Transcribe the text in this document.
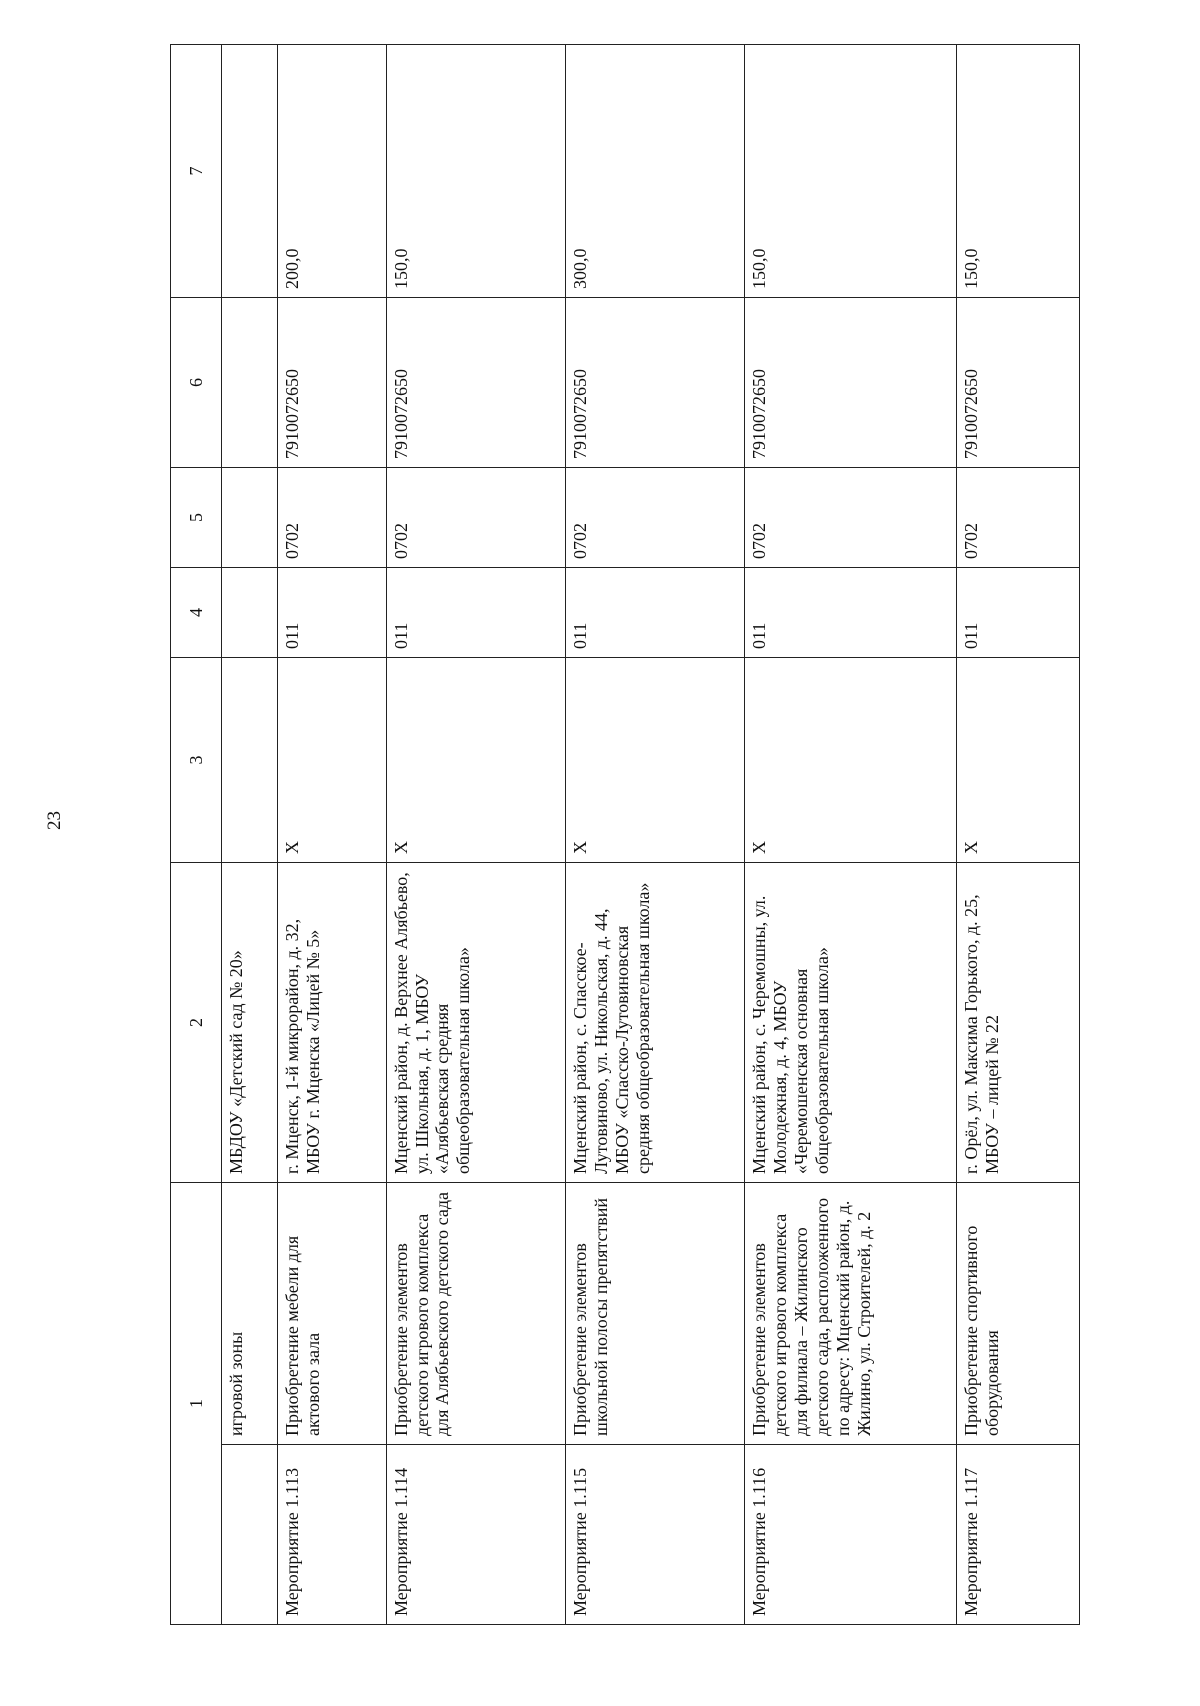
23
1		2	3	4	5	6	7
	игровой зоны	МБДОУ «Детский сад № 20»					
Мероприятие 1.113	Приобретение мебели для актового зала	г. Мценск, 1-й микрорайон, д. 32, МБОУ г. Мценска «Лицей № 5»	X	011	0702	7910072650	200,0
Мероприятие 1.114	Приобретение элементов детского игрового комплекса для Алябьевского детского сада	Мценский район, д. Верхнее Алябьево, ул. Школьная, д. 1, МБОУ «Алябьевская средняя общеобразовательная школа»	X	011	0702	7910072650	150,0
Мероприятие 1.115	Приобретение элементов школьной полосы препятствий	Мценский район, с. Спасское-Лутовиново, ул. Никольская, д. 44, МБОУ «Спасско-Лутовиновская средняя общеобразовательная школа»	X	011	0702	7910072650	300,0
Мероприятие 1.116	Приобретение элементов детского игрового комплекса для филиала – Жилинского детского сада, расположенного по адресу: Мценский район, д. Жилино, ул. Строителей, д. 2	Мценский район, с. Черемошны, ул. Молодежная, д. 4, МБОУ «Черемошенская основная общеобразовательная школа»	X	011	0702	7910072650	150,0
Мероприятие 1.117	Приобретение спортивного оборудования	г. Орёл, ул. Максима Горького, д. 25, МБОУ – лицей № 22	X	011	0702	7910072650	150,0
